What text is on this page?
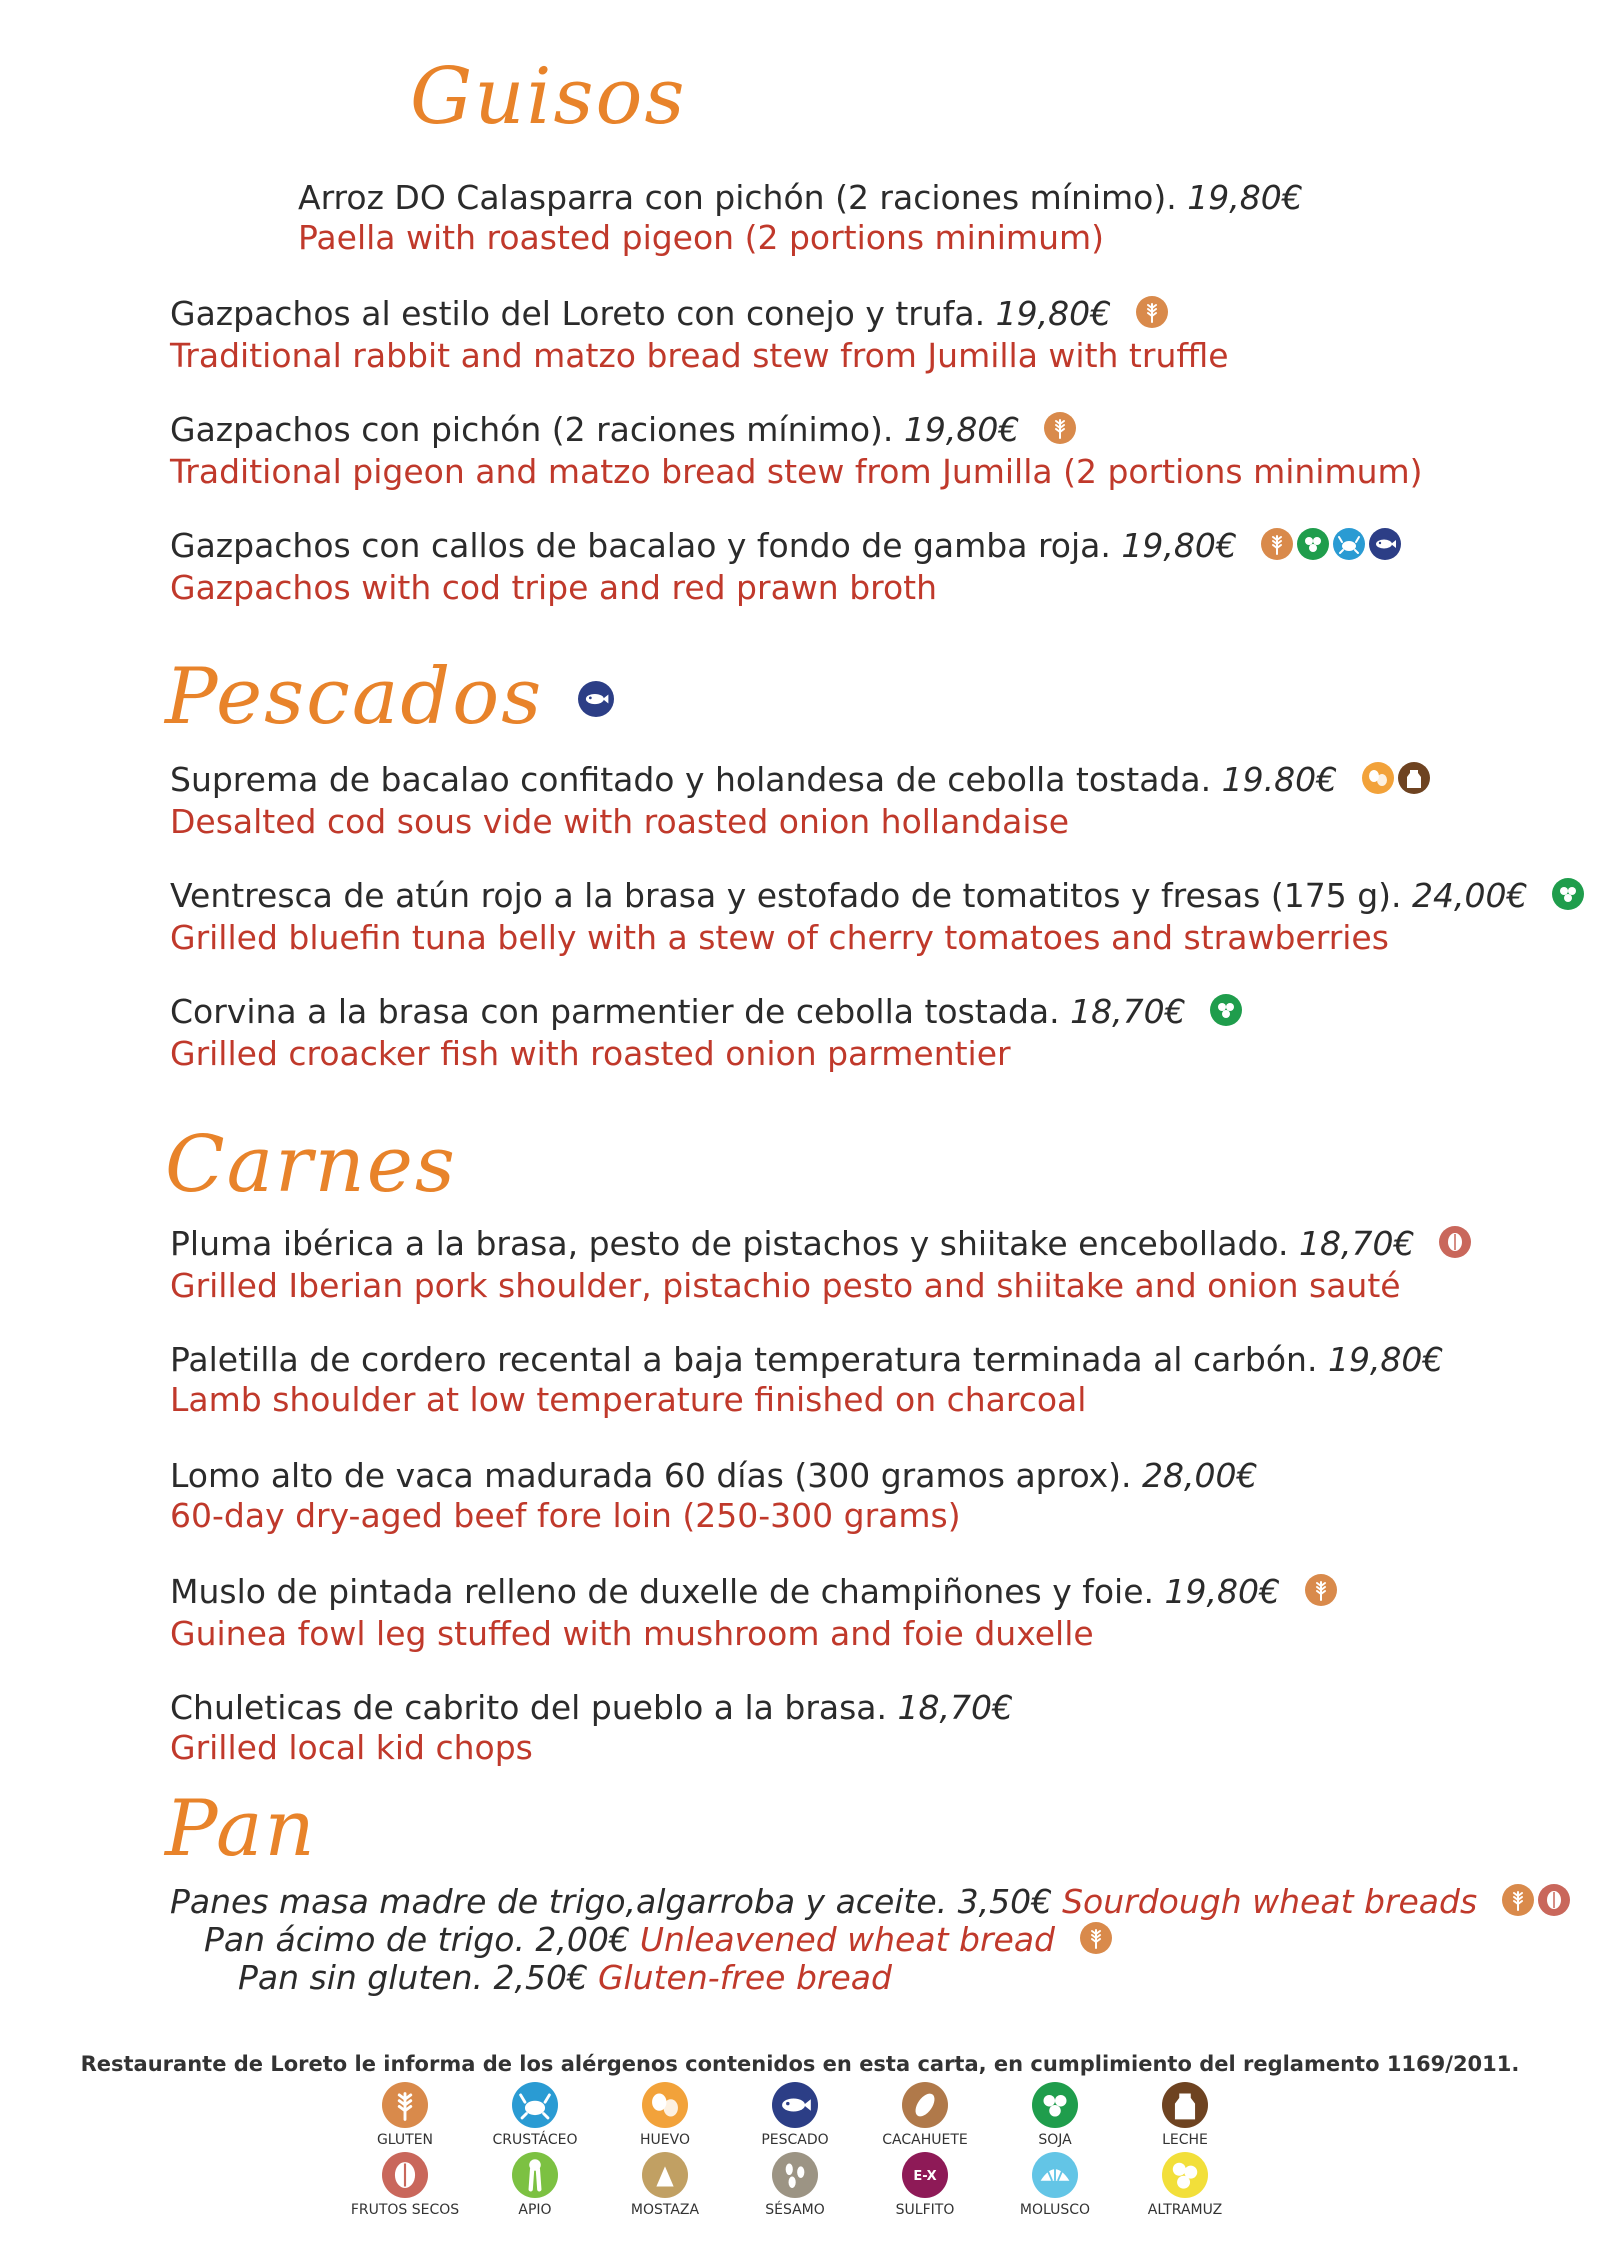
Guisos
Arroz DO Calasparra con pichón (2 raciones mínimo). 19,80€
Paella with roasted pigeon (2 portions minimum)
Gazpachos al estilo del Loreto con conejo y trufa. 19,80€
Traditional rabbit and matzo bread stew from Jumilla with truffle
Gazpachos con pichón (2 raciones mínimo). 19,80€
Traditional pigeon and matzo bread stew from Jumilla (2 portions minimum)
Gazpachos con callos de bacalao y fondo de gamba roja. 19,80€
Gazpachos with cod tripe and red prawn broth
Pescados
Suprema de bacalao confitado y holandesa de cebolla tostada. 19.80€
Desalted cod sous vide with roasted onion hollandaise
Ventresca de atún rojo a la brasa y estofado de tomatitos y fresas (175 g). 24,00€
Grilled bluefin tuna belly with a stew of cherry tomatoes and strawberries
Corvina a la brasa con parmentier de cebolla tostada. 18,70€
Grilled croacker fish with roasted onion parmentier
Carnes
Pluma ibérica a la brasa, pesto de pistachos y shiitake encebollado. 18,70€
Grilled Iberian pork shoulder, pistachio pesto and shiitake and onion sauté
Paletilla de cordero recental a baja temperatura terminada al carbón. 19,80€
Lamb shoulder at low temperature finished on charcoal
Lomo alto de vaca madurada 60 días (300 gramos aprox). 28,00€
60-day dry-aged beef fore loin (250-300 grams)
Muslo de pintada relleno de duxelle de champiñones y foie. 19,80€
Guinea fowl leg stuffed with mushroom and foie duxelle
Chuleticas de cabrito del pueblo a la brasa. 18,70€
Grilled local kid chops
Pan
Panes masa madre de trigo,algarroba y aceite. 3,50€ Sourdough wheat breads
Pan ácimo de trigo. 2,00€ Unleavened wheat bread
Pan sin gluten. 2,50€ Gluten-free bread
Restaurante de Loreto le informa de los alérgenos contenidos en esta carta, en cumplimiento del reglamento 1169/2011.
GLUTEN	CRUSTÁCEO	HUEVO	PESCADO	CACAHUETE	SOJA	LECHE
FRUTOS SECOS	APIO	MOSTAZA	SÉSAMO
E-X
SULFITO	MOLUSCO	ALTRAMUZ
